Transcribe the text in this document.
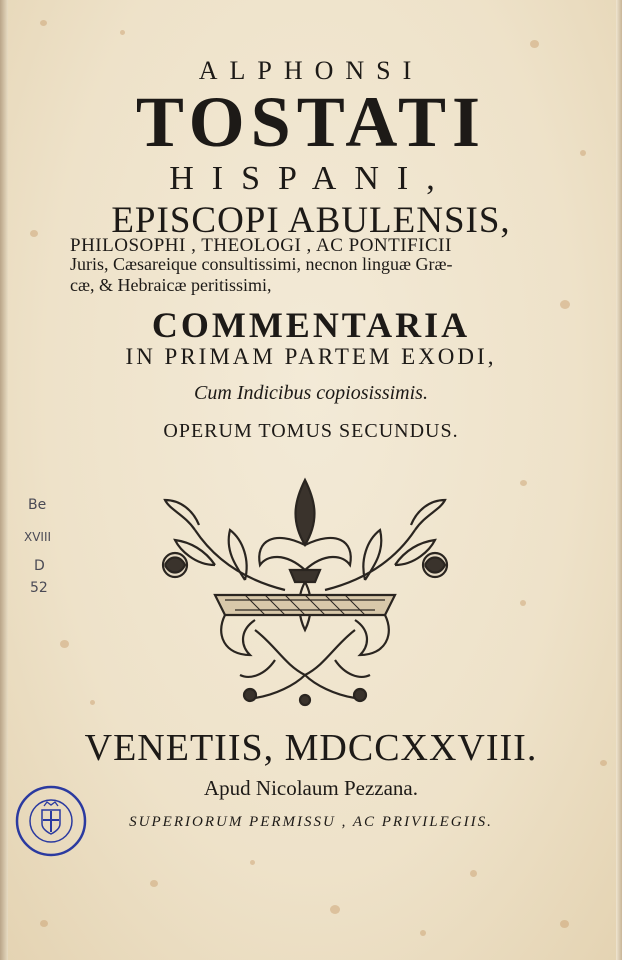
ALPHONSI
TOSTATI
HISPANI,
EPISCOPI ABULENSIS,
PHILOSOPHI , THEOLOGI , AC PONTIFICII
Juris, Cæsareique consultissimi, necnon linguæ Græ-
cæ, & Hebraicæ peritissimi,
COMMENTARIA
IN PRIMAM PARTEM EXODI,
Cum Indicibus copiosissimis.
OPERUM TOMUS SECUNDUS.
VENETIIS, MDCCXXVIII.
Apud Nicolaum Pezzana.
SUPERIORUM PERMISSU , AC PRIVILEGIIS.
Be
XVIII
D
52
